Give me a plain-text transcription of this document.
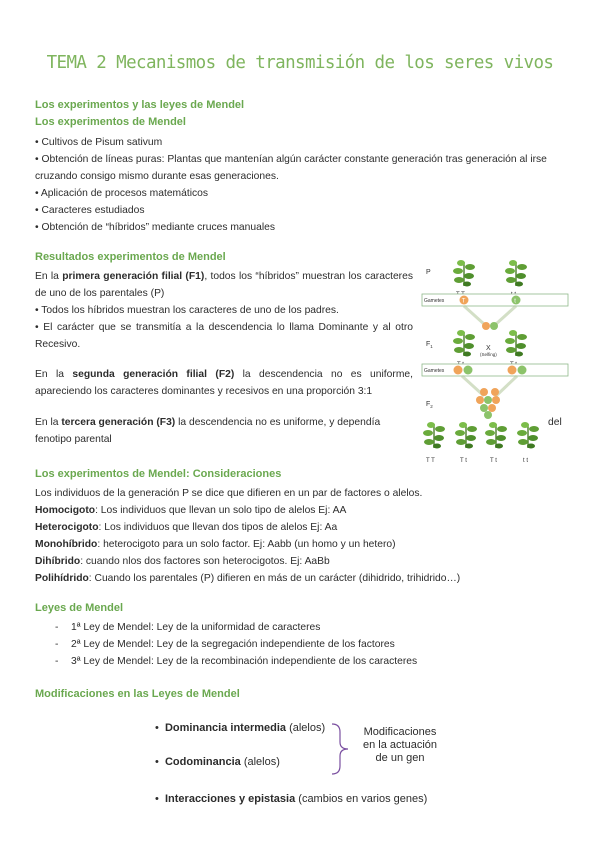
TEMA 2 Mecanismos de transmisión de los seres vivos
Los experimentos y las leyes de Mendel
Los experimentos de Mendel
• Cultivos de Pisum sativum
• Obtención de líneas puras: Plantas que mantenían algún carácter constante generación tras generación al irse cruzando consigo mismo durante esas generaciones.
• Aplicación de procesos matemáticos
• Caracteres estudiados
• Obtención de “híbridos” mediante cruces manuales
Resultados experimentos de Mendel
En la primera generación filial (F1), todos los “híbridos” muestran los caracteres de uno de los parentales (P)
• Todos los híbridos muestran los caracteres de uno de los padres.
• El carácter que se transmitía a la descendencia lo llama Dominante y al otro Recesivo.
En la segunda generación filial (F2) la descendencia no es uniforme, apareciendo los caracteres dominantes y recesivos en una proporción 3:1
En la tercera generación (F3) la descendencia no es uniforme, y dependía	del
fenotipo parental
P
Gametes	T	t
$F_1$	X
(Selfing)
Gametes
$F_2$
T T	T t	T t	t t
Los experimentos de Mendel: Consideraciones
Los individuos de la generación P se dice que difieren en un par de factores o alelos.
Homocigoto: Los individuos que llevan un solo tipo de alelos Ej: AA
Heterocigoto: Los individuos que llevan dos tipos de alelos Ej: Aa
Monohíbrido: heterocigoto para un solo factor. Ej: Aabb (un homo y un hetero)
Dihíbrido: cuando nlos dos factores son heterocigotos. Ej: AaBb
Polihídrido: Cuando los parentales (P) difieren en más de un carácter (dihidrido, trihidrido…)
Leyes de Mendel
- 1ª Ley de Mendel: Ley de la uniformidad de caracteres
- 2ª Ley de Mendel: Ley de la segregación independiente de los factores
- 3ª Ley de Mendel: Ley de la recombinación independiente de los caracteres
Modificaciones en las Leyes de Mendel
• Dominancia intermedia (alelos)
• Codominancia (alelos)
• Interacciones y epistasia (cambios en varios genes)
Modificaciones
en la actuación
de un gen
